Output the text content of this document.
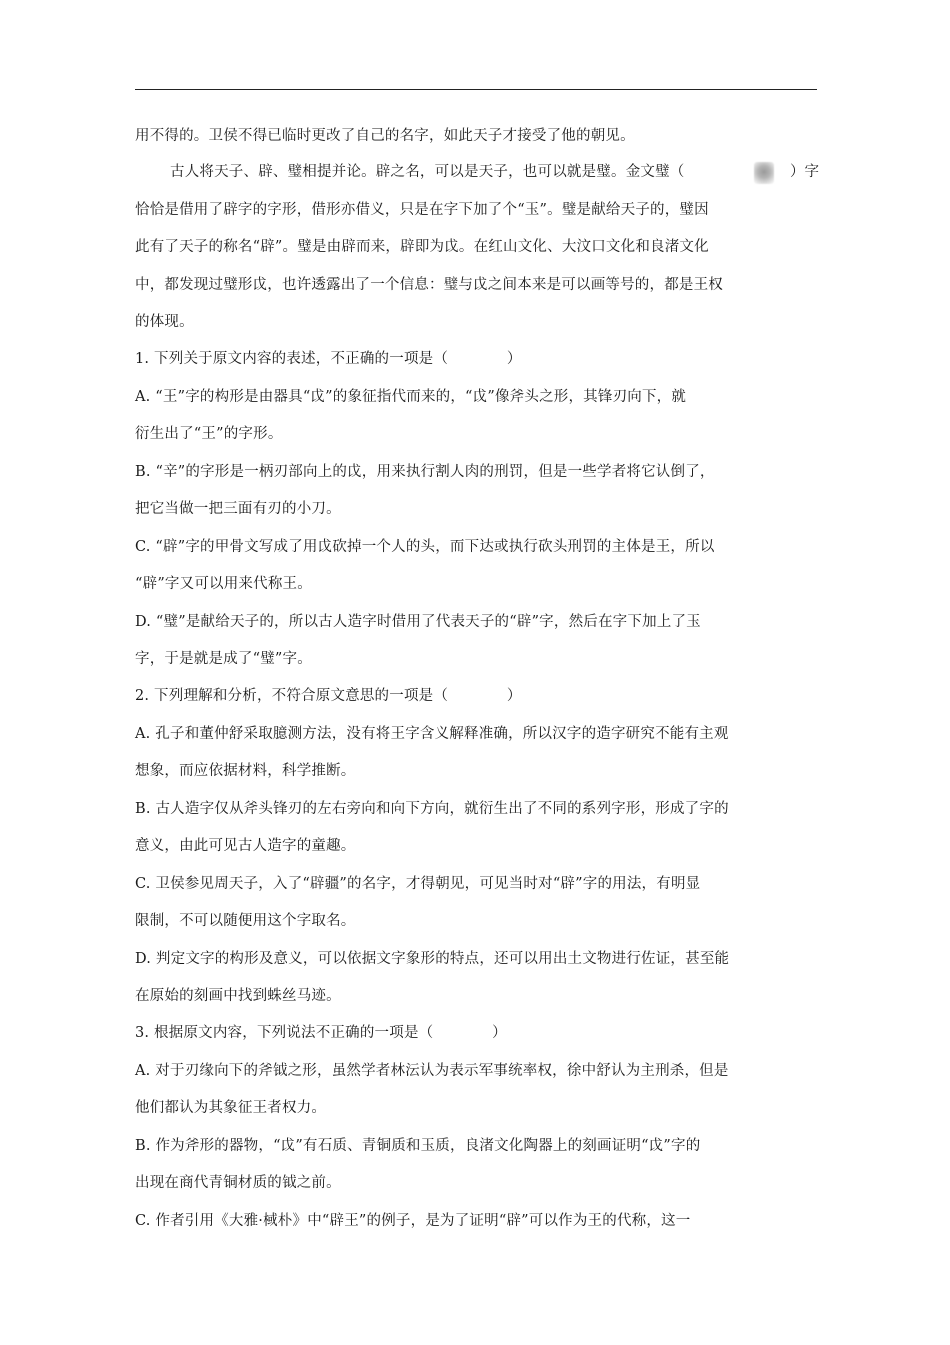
用不得的。卫侯不得已临时更改了自己的名字，如此天子才接受了他的朝见。
古人将天子、辟、璧相提并论。辟之名，可以是天子，也可以就是璧。金文璧（
恰恰是借用了辟字的字形，借形亦借义，只是在字下加了个“玉”。璧是献给天子的，璧因
此有了天子的称名“辟”。璧是由辟而来，辟即为戉。在红山文化、大汶口文化和良渚文化
中，都发现过璧形戉，也许透露出了一个信息：璧与戉之间本来是可以画等号的，都是王权
的体现。
1. 下列关于原文内容的表述，不正确的一项是（　　　　）
A. “王”字的构形是由器具“戉”的象征指代而来的，“戉”像斧头之形，其锋刃向下，就
衍生出了“王”的字形。
B. “辛”的字形是一柄刃部向上的戉，用来执行割人肉的刑罚，但是一些学者将它认倒了，
把它当做一把三面有刃的小刀。
C. “辟”字的甲骨文写成了用戉砍掉一个人的头，而下达或执行砍头刑罚的主体是王，所以
“辟”字又可以用来代称王。
D. “璧”是献给天子的，所以古人造字时借用了代表天子的“辟”字，然后在字下加上了玉
字，于是就是成了“璧”字。
2. 下列理解和分析，不符合原文意思的一项是（　　　　）
A. 孔子和董仲舒采取臆测方法，没有将王字含义解释准确，所以汉字的造字研究不能有主观
想象，而应依据材料，科学推断。
B. 古人造字仅从斧头锋刃的左右旁向和向下方向，就衍生出了不同的系列字形，形成了字的
意义，由此可见古人造字的童趣。
C. 卫侯参见周天子，入了“辟疆”的名字，才得朝见，可见当时对“辟”字的用法，有明显
限制，不可以随便用这个字取名。
D. 判定文字的构形及意义，可以依据文字象形的特点，还可以用出土文物进行佐证，甚至能
在原始的刻画中找到蛛丝马迹。
3. 根据原文内容，下列说法不正确的一项是（　　　　）
A. 对于刃缘向下的斧钺之形，虽然学者林沄认为表示军事统率权，徐中舒认为主刑杀，但是
他们都认为其象征王者权力。
B. 作为斧形的器物，“戉”有石质、青铜质和玉质，良渚文化陶器上的刻画证明“戉”字的
出现在商代青铜材质的钺之前。
C. 作者引用《大雅·棫朴》中“辟王”的例子，是为了证明“辟”可以作为王的代称，这一
）字
